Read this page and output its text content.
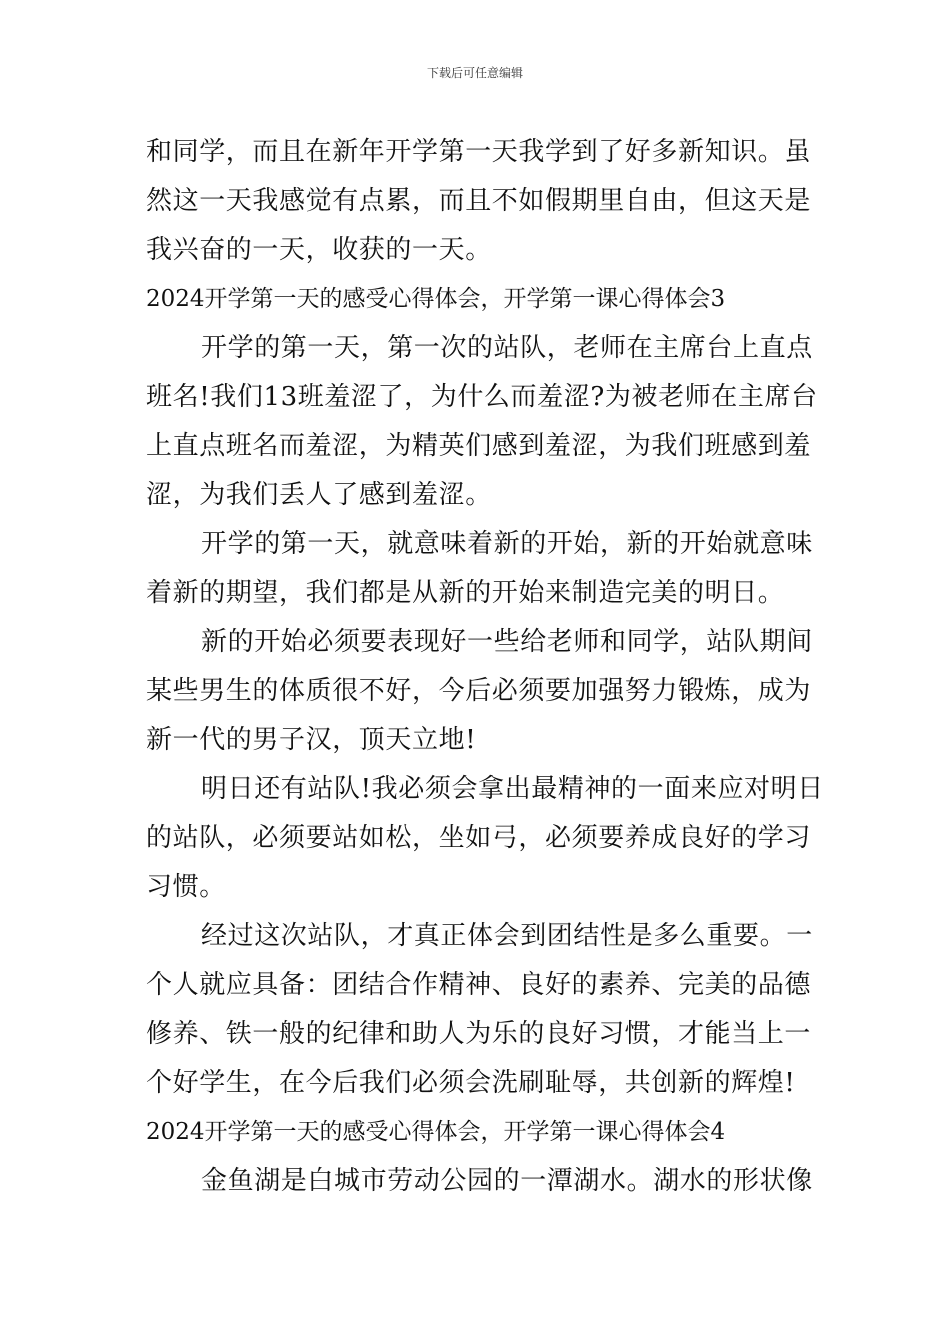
下载后可任意编辑
和同学，而且在新年开学第一天我学到了好多新知识。虽
然这一天我感觉有点累，而且不如假期里自由，但这天是
我兴奋的一天，收获的一天。
2024开学第一天的感受心得体会，开学第一课心得体会3
开学的第一天，第一次的站队，老师在主席台上直点
班名!我们13班羞涩了，为什么而羞涩?为被老师在主席台
上直点班名而羞涩，为精英们感到羞涩，为我们班感到羞
涩，为我们丢人了感到羞涩。
开学的第一天，就意味着新的开始，新的开始就意味
着新的期望，我们都是从新的开始来制造完美的明日。
新的开始必须要表现好一些给老师和同学，站队期间
某些男生的体质很不好，今后必须要加强努力锻炼，成为
新一代的男子汉，顶天立地!
明日还有站队!我必须会拿出最精神的一面来应对明日
的站队，必须要站如松，坐如弓，必须要养成良好的学习
习惯。
经过这次站队，才真正体会到团结性是多么重要。一
个人就应具备：团结合作精神、良好的素养、完美的品德
修养、铁一般的纪律和助人为乐的良好习惯，才能当上一
个好学生，在今后我们必须会洗刷耻辱，共创新的辉煌!
2024开学第一天的感受心得体会，开学第一课心得体会4
金鱼湖是白城市劳动公园的一潭湖水。湖水的形状像
